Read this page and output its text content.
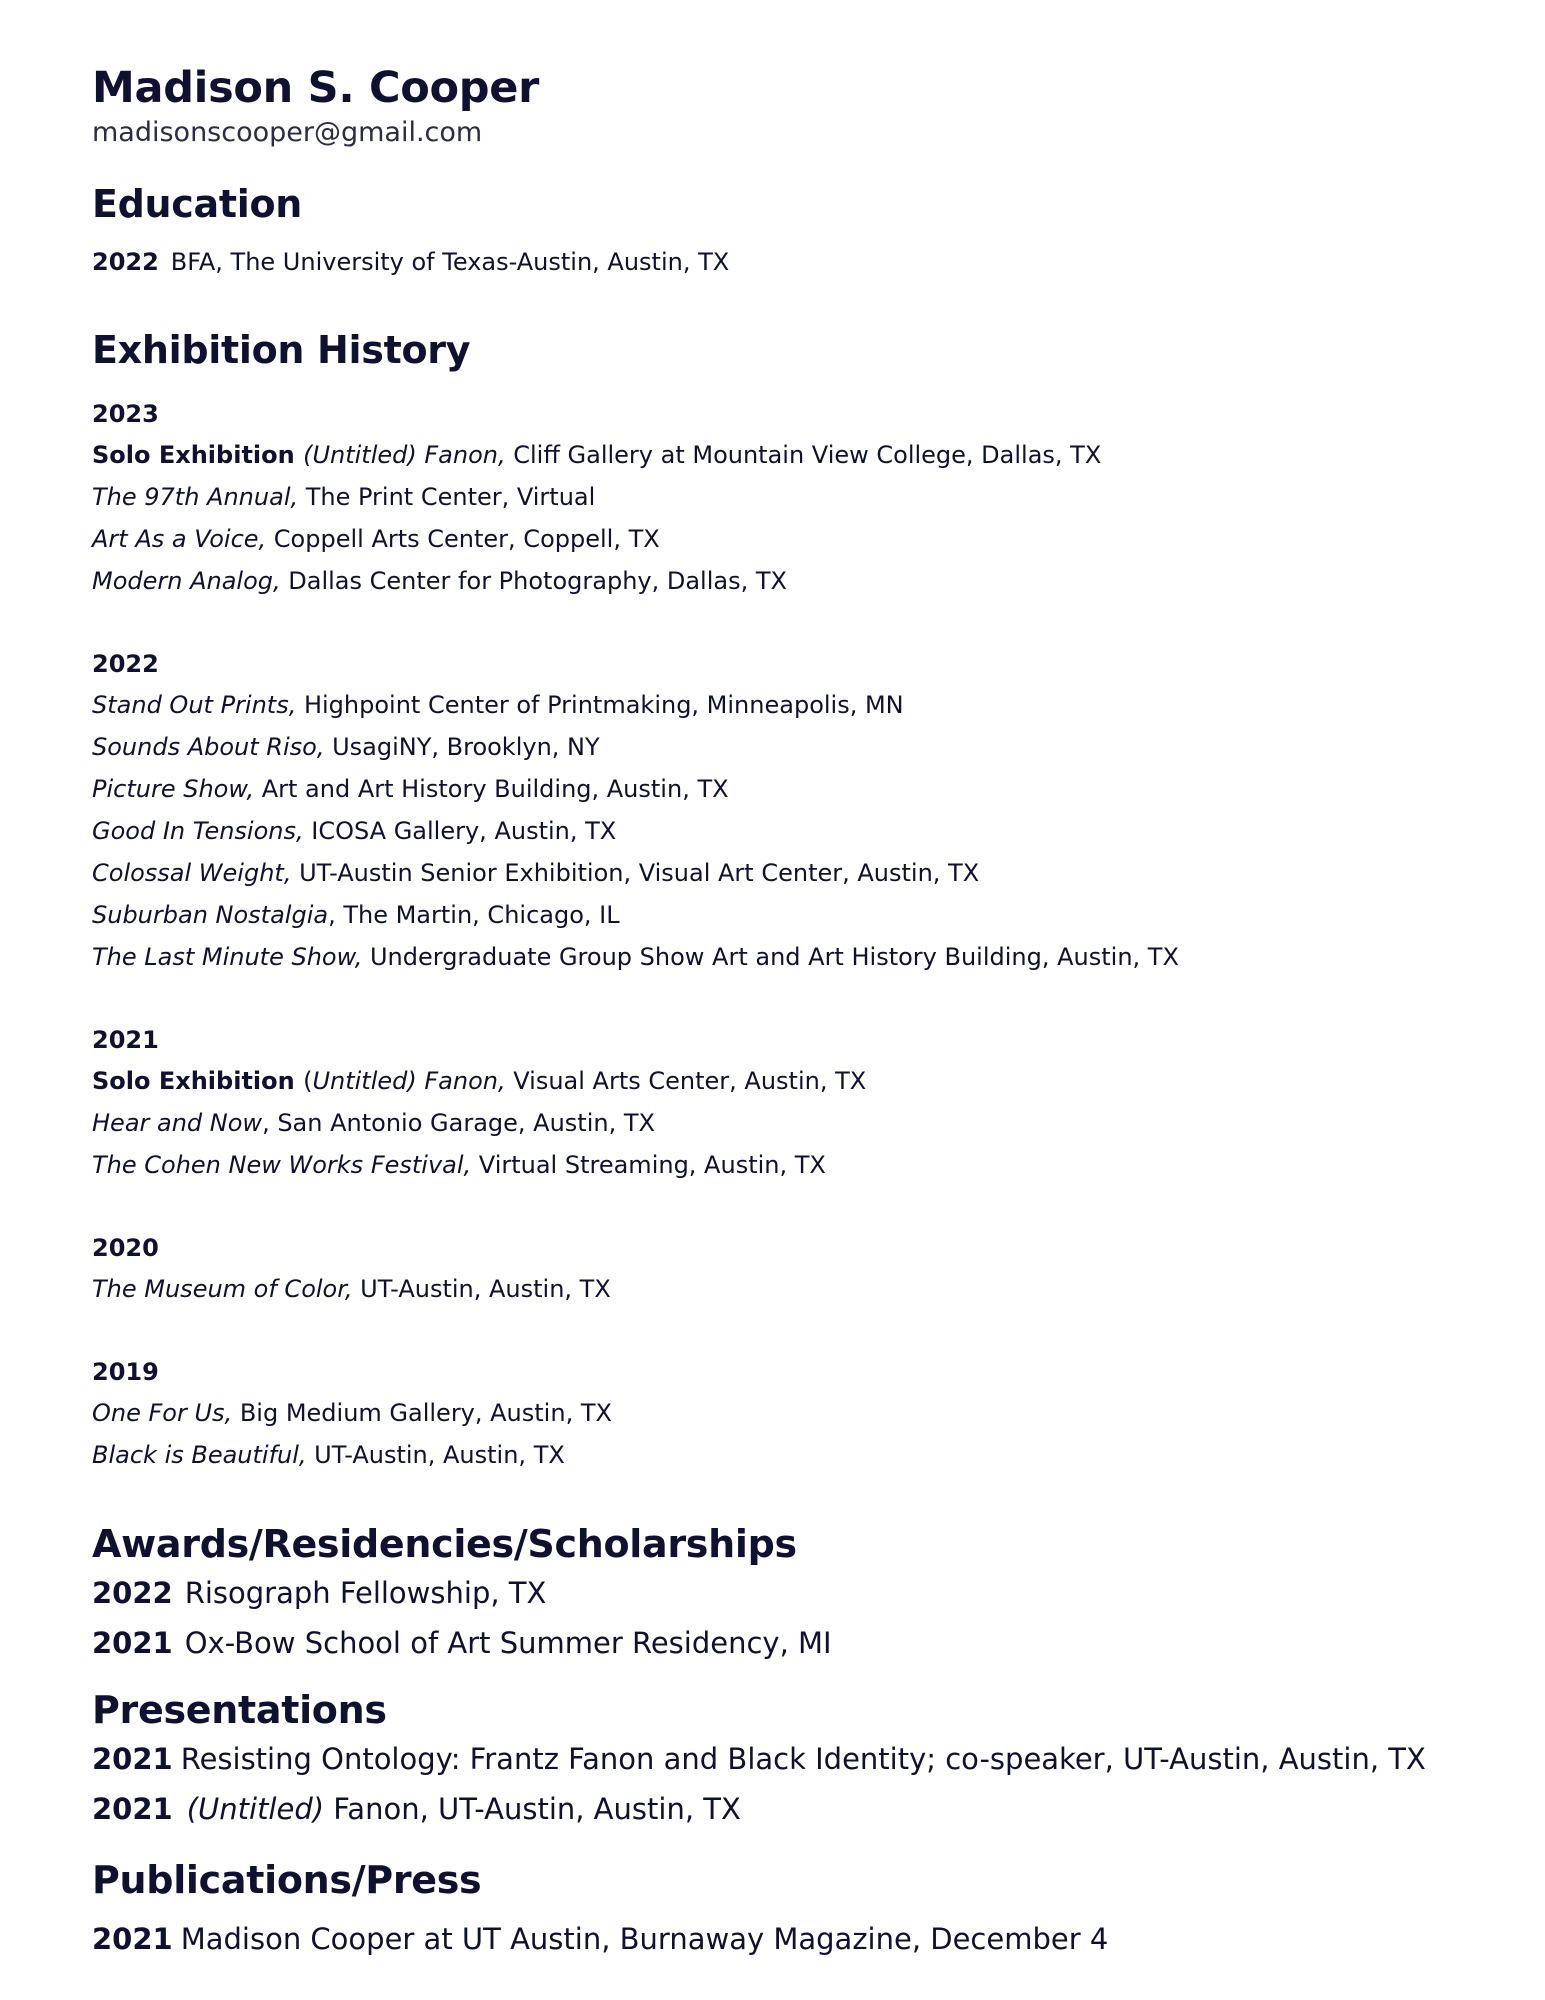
Madison S. Cooper
madisonscooper@gmail.com
Education
2022 BFA, The University of Texas-Austin, Austin, TX
Exhibition History
2023
Solo Exhibition (Untitled) Fanon, Cliff Gallery at Mountain View College, Dallas, TX
The 97th Annual, The Print Center, Virtual
Art As a Voice, Coppell Arts Center, Coppell, TX
Modern Analog, Dallas Center for Photography, Dallas, TX
2022
Stand Out Prints, Highpoint Center of Printmaking, Minneapolis, MN
Sounds About Riso, UsagiNY, Brooklyn, NY
Picture Show, Art and Art History Building, Austin, TX
Good In Tensions, ICOSA Gallery, Austin, TX
Colossal Weight, UT-Austin Senior Exhibition, Visual Art Center, Austin, TX
Suburban Nostalgia, The Martin, Chicago, IL
The Last Minute Show, Undergraduate Group Show Art and Art History Building, Austin, TX
2021
Solo Exhibition (Untitled) Fanon, Visual Arts Center, Austin, TX
Hear and Now, San Antonio Garage, Austin, TX
The Cohen New Works Festival, Virtual Streaming, Austin, TX
2020
The Museum of Color, UT-Austin, Austin, TX
2019
One For Us, Big Medium Gallery, Austin, TX
Black is Beautiful, UT-Austin, Austin, TX
Awards/Residencies/Scholarships
2022 Risograph Fellowship, TX
2021 Ox-Bow School of Art Summer Residency, MI
Presentations
2021 Resisting Ontology: Frantz Fanon and Black Identity; co-speaker, UT-Austin, Austin, TX
2021 (Untitled) Fanon, UT-Austin, Austin, TX
Publications/Press
2021 Madison Cooper at UT Austin, Burnaway Magazine, December 4
